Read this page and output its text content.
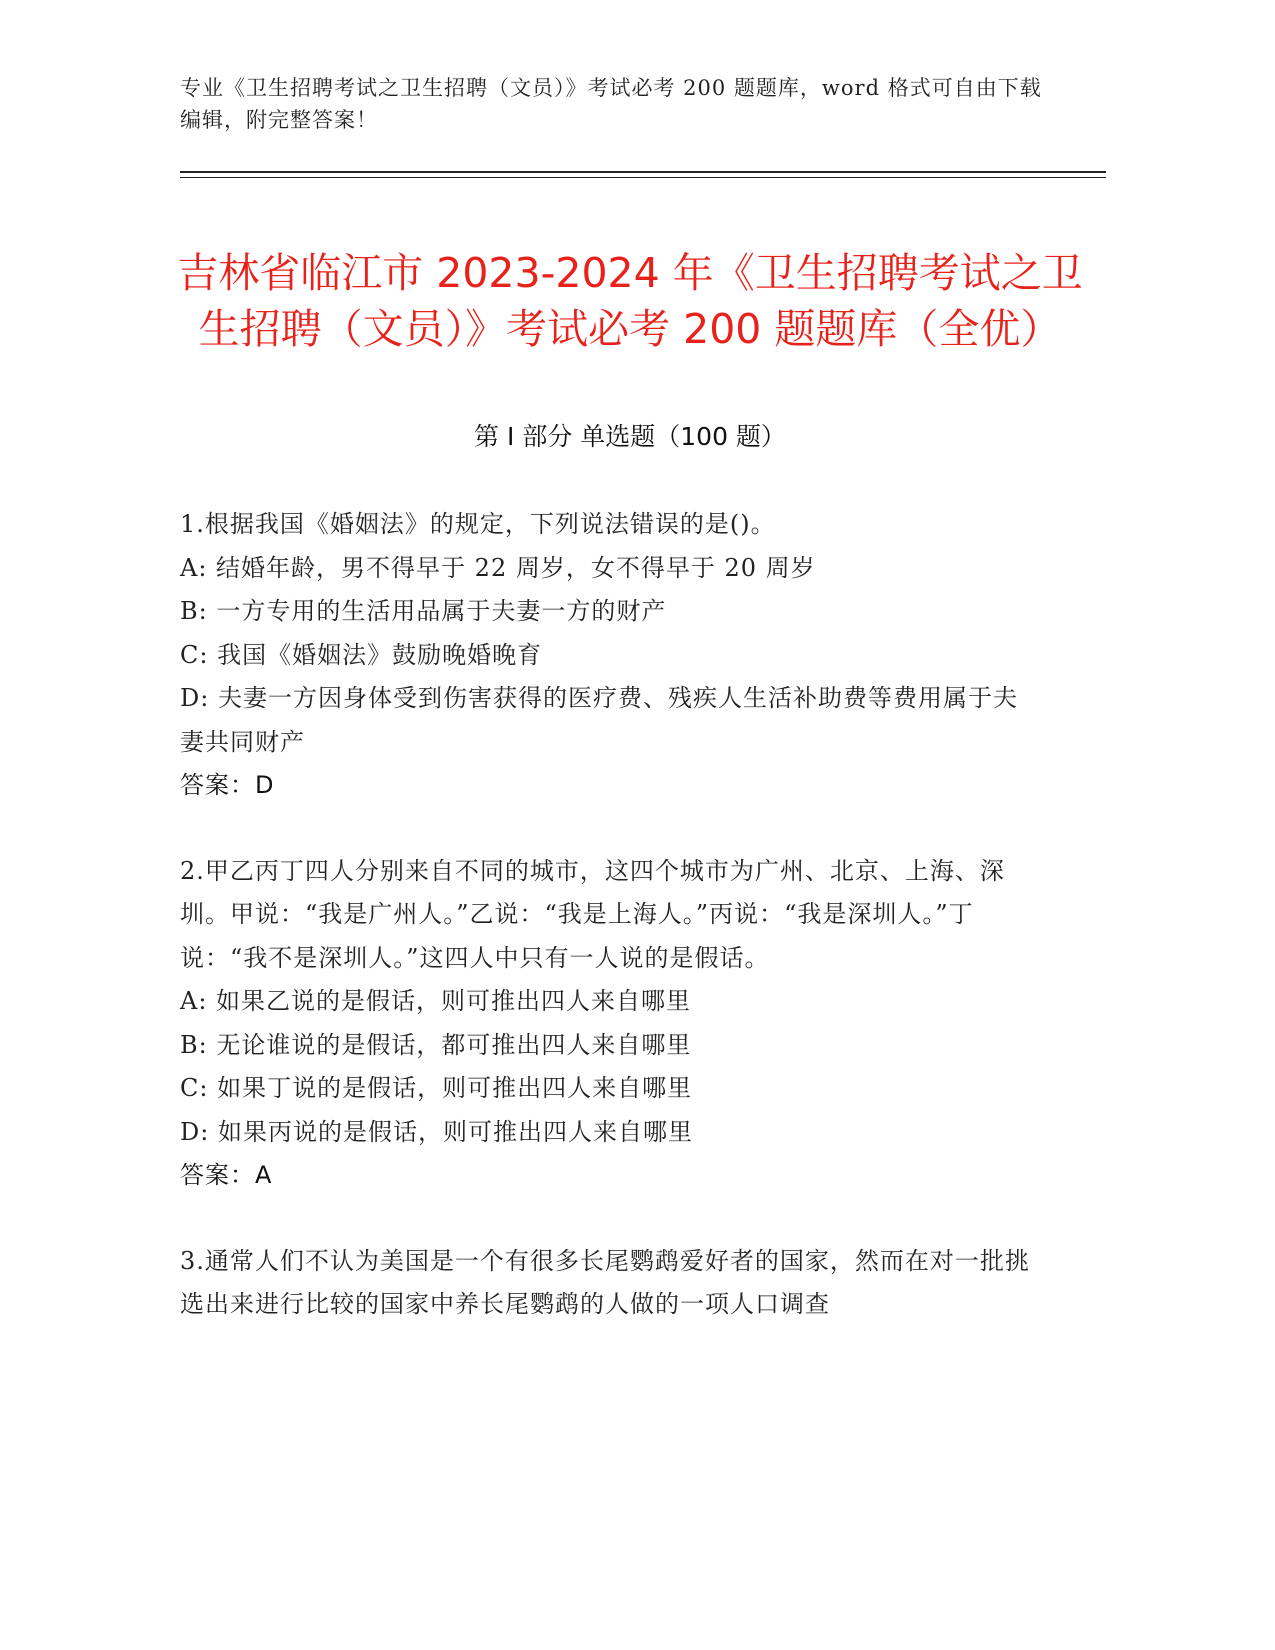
专业《卫生招聘考试之卫生招聘（文员）》考试必考 200 题题库，word 格式可自由下载编辑，附完整答案！
吉林省临江市 2023-2024 年《卫生招聘考试之卫生招聘（文员）》考试必考 200 题题库（全优）
第 I 部分 单选题（100 题）

1.根据我国《婚姻法》的规定，下列说法错误的是()。

A: 结婚年龄，男不得早于 22 周岁，女不得早于 20 周岁

B: 一方专用的生活用品属于夫妻一方的财产

C: 我国《婚姻法》鼓励晚婚晚育

D: 夫妻一方因身体受到伤害获得的医疗费、残疾人生活补助费等费用属于夫妻共同财产

答案：D

2.甲乙丙丁四人分别来自不同的城市，这四个城市为广州、北京、上海、深圳。甲说：“我是广州人。”乙说：“我是上海人。”丙说：“我是深圳人。”丁说：“我不是深圳人。”这四人中只有一人说的是假话。

A: 如果乙说的是假话，则可推出四人来自哪里

B: 无论谁说的是假话，都可推出四人来自哪里

C: 如果丁说的是假话，则可推出四人来自哪里

D: 如果丙说的是假话，则可推出四人来自哪里

答案：A

3.通常人们不认为美国是一个有很多长尾鹦鹉爱好者的国家，然而在对一批挑选出来进行比较的国家中养长尾鹦鹉的人做的一项人口调查
